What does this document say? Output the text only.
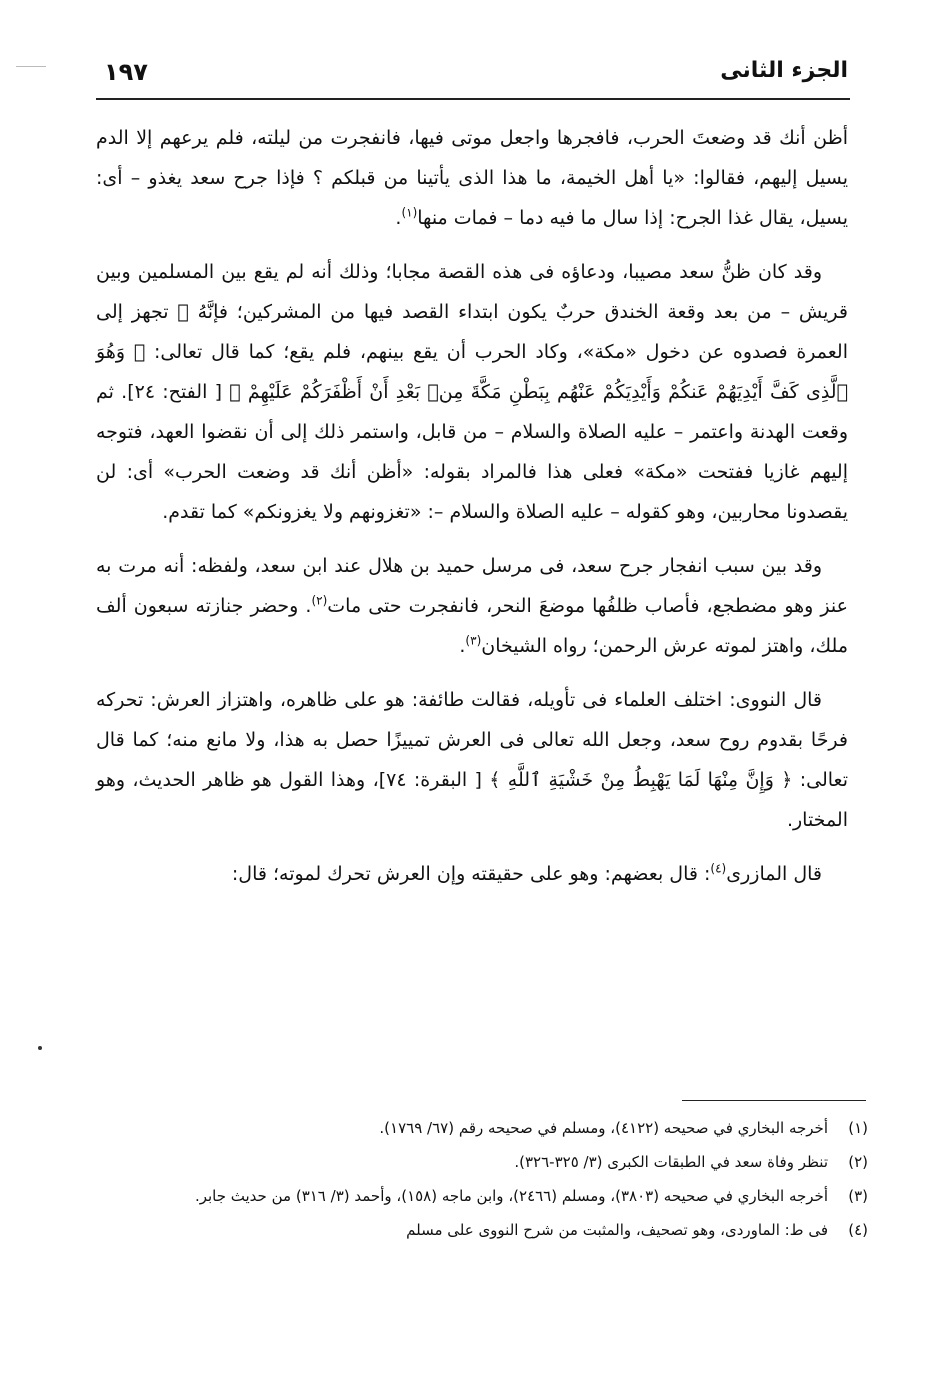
الجزء الثانى
١٩٧

أظن أنك قد وضعتَ الحرب، فافجرها واجعل موتى فيها، فانفجرت من ليلته، فلم يرعهم إلا الدم يسيل إليهم، فقالوا: «يا أهل الخيمة، ما هذا الذى يأتينا من قبلكم ؟ فإذا جرح سعد يغذو – أى: يسيل، يقال غذا الجرح: إذا سال ما فيه دما – فمات منها$^{(١)}$.

وقد كان ظنُّ سعد مصيبا، ودعاؤه فى هذه القصة مجابا؛ وذلك أنه لم يقع بين المسلمين وبين قريش – من بعد وقعة الخندق حربٌ يكون ابتداء القصد فيها من المشركين؛ فإنَّهُ ﷺ تجهز إلى العمرة فصدوه عن دخول «مكة»، وكاد الحرب أن يقع بينهم، فلم يقع؛ كما قال تعالى: ﴿ وَهُوَ ٱلَّذِى كَفَّ أَيْدِيَهُمْ عَنكُمْ وَأَيْدِيَكُمْ عَنْهُم بِبَطْنِ مَكَّةَ مِنۢ بَعْدِ أَنْ أَظْفَرَكُمْ عَلَيْهِمْ ﴾ [ الفتح: ٢٤]. ثم وقعت الهدنة واعتمر – عليه الصلاة والسلام – من قابل، واستمر ذلك إلى أن نقضوا العهد، فتوجه إليهم غازيا ففتحت «مكة» فعلى هذا فالمراد بقوله: «أظن أنك قد وضعت الحرب» أى: لن يقصدونا محاربين، وهو كقوله – عليه الصلاة والسلام –: «تغزونهم ولا يغزونكم» كما تقدم.

وقد بين سبب انفجار جرح سعد، فى مرسل حميد بن هلال عند ابن سعد، ولفظه: أنه مرت به عنز وهو مضطجع، فأصاب ظلفُها موضعَ النحر، فانفجرت حتى مات$^{(٢)}$. وحضر جنازته سبعون ألف ملك، واهتز لموته عرش الرحمن؛ رواه الشيخان$^{(٣)}$.

قال النووى: اختلف العلماء فى تأويله، فقالت طائفة: هو على ظاهره، واهتزاز العرش: تحركه فرحًا بقدوم روح سعد، وجعل الله تعالى فى العرش تمييزًا حصل به هذا، ولا مانع منه؛ كما قال تعالى: ﴿ وَإِنَّ مِنْهَا لَمَا يَهْبِطُ مِنْ خَشْيَةِ ٱللَّهِ ﴾ [ البقرة: ٧٤]، وهذا القول هو ظاهر الحديث، وهو المختار.

قال المازرى$^{(٤)}$: قال بعضهم: وهو على حقيقته وإن العرش تحرك لموته؛ قال:

(١)
أخرجه البخاري في صحيحه (٤١٢٢)، ومسلم في صحيحه رقم (٦٧/ ١٧٦٩).
(٢)
تنظر وفاة سعد في الطبقات الكبرى (٣/ ٣٢٥-٣٢٦).
(٣)
أخرجه البخاري في صحيحه (٣٨٠٣)، ومسلم (٢٤٦٦)، وابن ماجه (١٥٨)، وأحمد (٣/ ٣١٦) من حديث جابر.
(٤)
فى ط: الماوردى، وهو تصحيف، والمثبت من شرح النووى على مسلم
